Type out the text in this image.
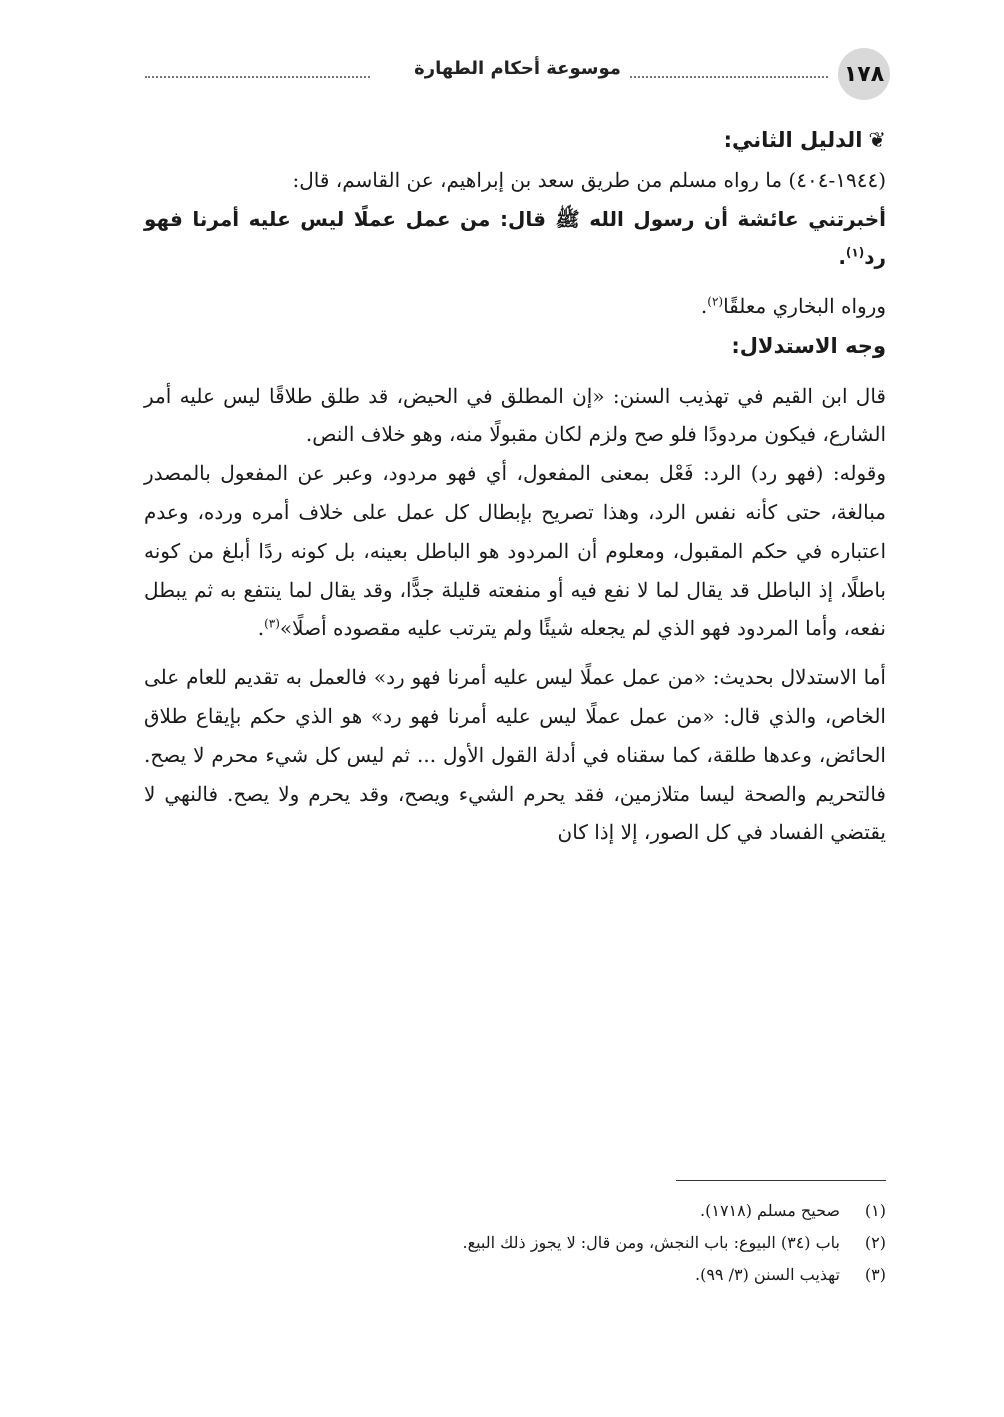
١٧٨
موسوعة أحكام الطهارة

❦الدليل الثاني:

(١٩٤٤-٤٠٤) ما رواه مسلم من طريق سعد بن إبراهيم، عن القاسم، قال:

أخبرتني عائشة أن رسول الله ﷺ قال: من عمل عملًا ليس عليه أمرنا فهو رد$^{(١)}$.

ورواه البخاري معلقًا$^{(٢)}$.

وجه الاستدلال:

قال ابن القيم في تهذيب السنن: «إن المطلق في الحيض، قد طلق طلاقًا ليس عليه أمر الشارع، فيكون مردودًا فلو صح ولزم لكان مقبولًا منه، وهو خلاف النص.

وقوله: (فهو رد) الرد: فَعْل بمعنى المفعول، أي فهو مردود، وعبر عن المفعول بالمصدر مبالغة، حتى كأنه نفس الرد، وهذا تصريح بإبطال كل عمل على خلاف أمره ورده، وعدم اعتباره في حكم المقبول، ومعلوم أن المردود هو الباطل بعينه، بل كونه ردًا أبلغ من كونه باطلًا، إذ الباطل قد يقال لما لا نفع فيه أو منفعته قليلة جدًّا، وقد يقال لما ينتفع به ثم يبطل نفعه، وأما المردود فهو الذي لم يجعله شيئًا ولم يترتب عليه مقصوده أصلًا»$^{(٣)}$.

أما الاستدلال بحديث: «من عمل عملًا ليس عليه أمرنا فهو رد» فالعمل به تقديم للعام على الخاص، والذي قال: «من عمل عملًا ليس عليه أمرنا فهو رد» هو الذي حكم بإيقاع طلاق الحائض، وعدها طلقة، كما سقناه في أدلة القول الأول ... ثم ليس كل شيء محرم لا يصح. فالتحريم والصحة ليسا متلازمين، فقد يحرم الشيء ويصح، وقد يحرم ولا يصح. فالنهي لا يقتضي الفساد في كل الصور، إلا إذا كان

(١)
صحيح مسلم (١٧١٨).
(٢)
باب (٣٤) البيوع: باب النجش، ومن قال: لا يجوز ذلك البيع.
(٣)
تهذيب السنن (٣/ ٩٩).
